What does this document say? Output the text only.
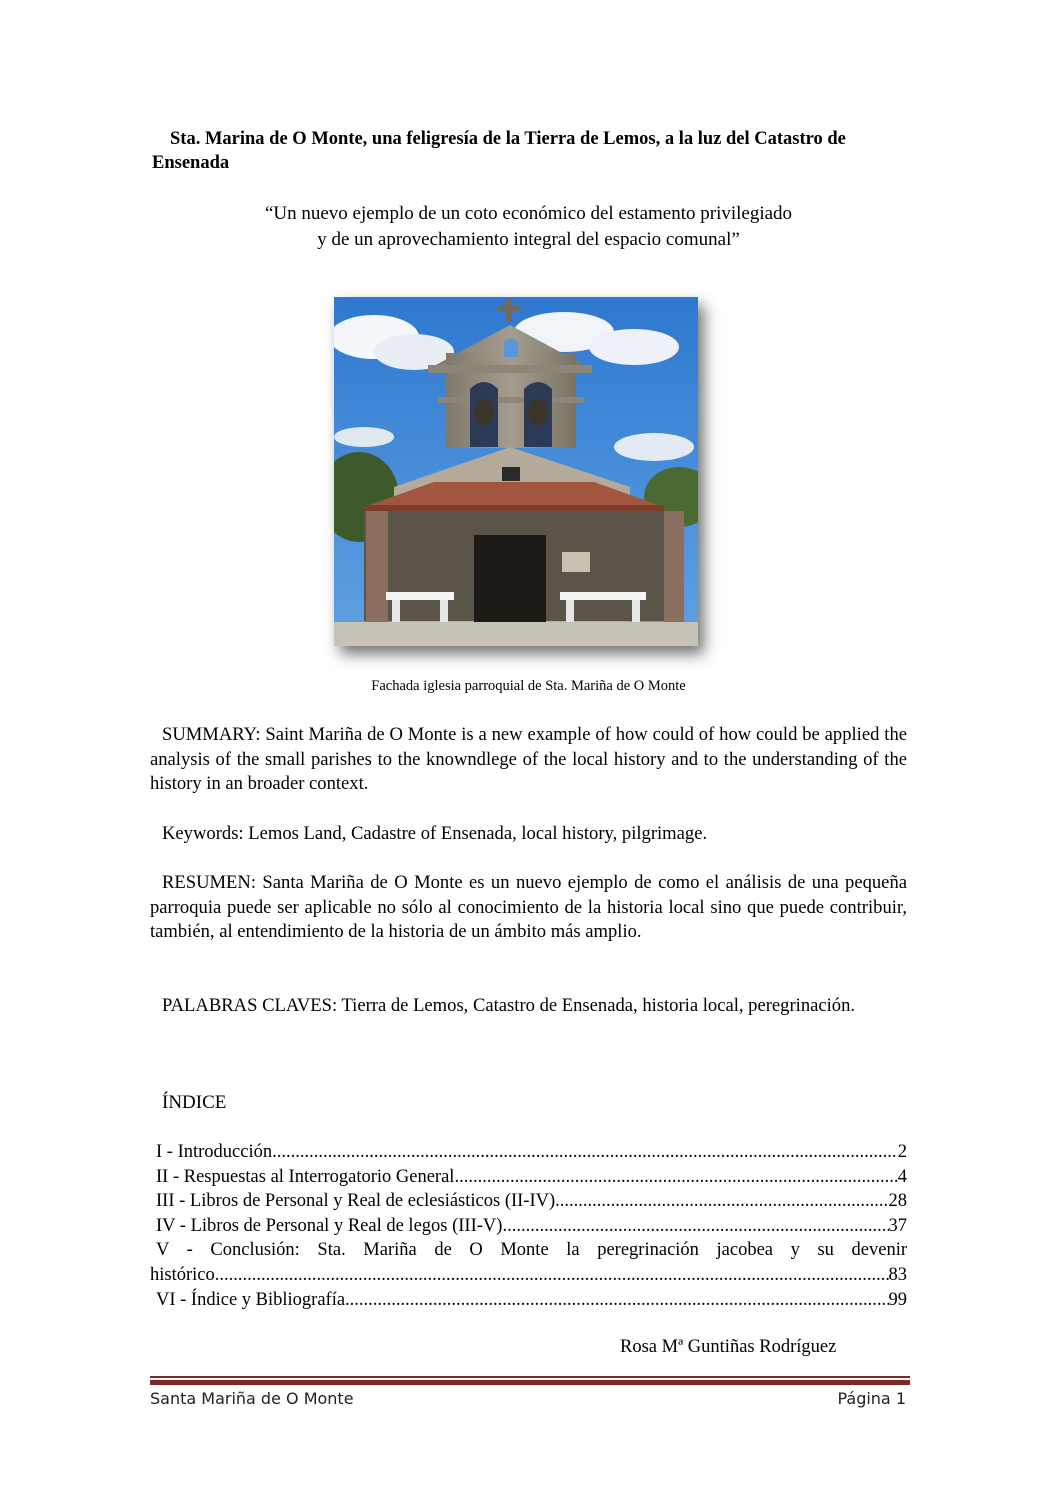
Sta. Marina de O Monte, una feligresía de la Tierra de Lemos, a la luz del Catastro de Ensenada
“Un nuevo ejemplo de un coto económico del estamento privilegiado
y de un aprovechamiento integral del espacio comunal”
Fachada iglesia parroquial de Sta. Mariña de O Monte
SUMMARY: Saint Mariña de O Monte is a new example of how could of how could be applied the analysis of the small parishes to the knowndlege of the local history and to the understanding of the history in an broader context.
Keywords: Lemos Land, Cadastre of Ensenada, local history, pilgrimage.
RESUMEN: Santa Mariña de O Monte es un nuevo ejemplo de como el análisis de una pequeña parroquia puede ser aplicable no sólo al conocimiento de la historia local sino que puede contribuir, también, al entendimiento de la historia de un ámbito más amplio.
PALABRAS CLAVES: Tierra de Lemos, Catastro de Ensenada, historia local, peregrinación.
ÍNDICE
I - Introducción .....	2
II - Respuestas al Interrogatorio General .....	4
III - Libros de Personal y Real de eclesiásticos (II-IV) .....	28
IV - Libros de Personal y Real de legos (III-V) .....	37
V - Conclusión: Sta. Mariña de O Monte la peregrinación jacobea y su devenir
histórico .....	83
VI - Índice y Bibliografía .....	99
Rosa Mª Guntiñas Rodríguez
Santa Mariña de O Monte	Página 1
